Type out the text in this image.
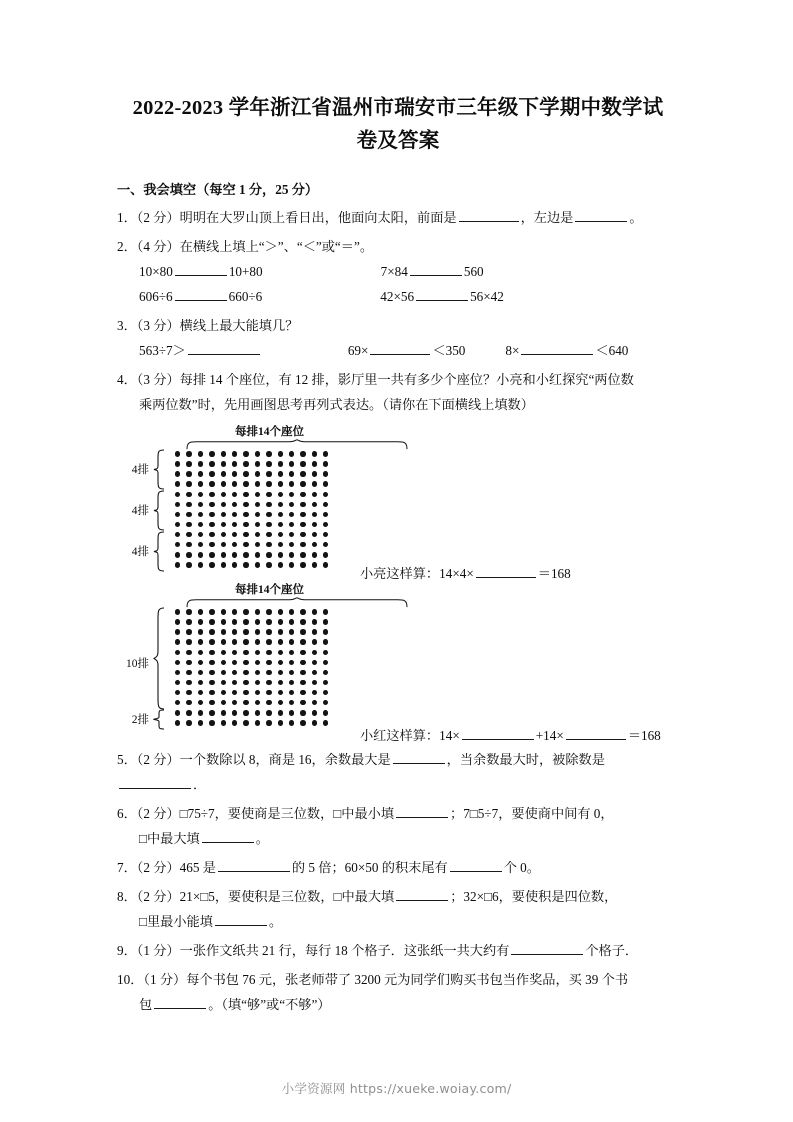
2022-2023 学年浙江省温州市瑞安市三年级下学期中数学试
卷及答案
一、我会填空（每空 1 分，25 分）
1．（2 分）明明在大罗山顶上看日出，他面向太阳，前面是	，左边是	。
2．（4 分）在横线上填上“＞”、“＜”或“＝”。
10×80	10+80	7×84	560
606÷6	660÷6	42×56	56×42
3．（3 分）横线上最大能填几？
563÷7＞	69×	＜350	8×	＜640
4．（3 分）每排 14 个座位，有 12 排，影厅里一共有多少个座位？小亮和小红探究“两位数
乘两位数”时，先用画图思考再列式表达。（请你在下面横线上填数）
每排14个座位
4排
4排
4排
小亮这样算：14×4×	＝168
每排14个座位
10排
2排
小红这样算：14×	+14×	＝168
5．（2 分）一个数除以 8，商是 16，余数最大是	，当余数最大时，被除数是．
6．（2 分）□75÷7，要使商是三位数，□中最小填	；7□5÷7，要使商中间有 0，
□中最大填	。
7．（2 分）465 是	的 5 倍；60×50 的积末尾有	个 0。
8．（2 分）21×□5，要使积是三位数，□中最大填	；32×□6，要使积是四位数，
□里最小能填	。
9．（1 分）一张作文纸共 21 行，每行 18 个格子．这张纸一共大约有	个格子．
10．（1 分）每个书包 76 元，张老师带了 3200 元为同学们购买书包当作奖品，买 39 个书
包	。（填“够”或“不够”）
小学资源网 https://xueke.woiay.com/
